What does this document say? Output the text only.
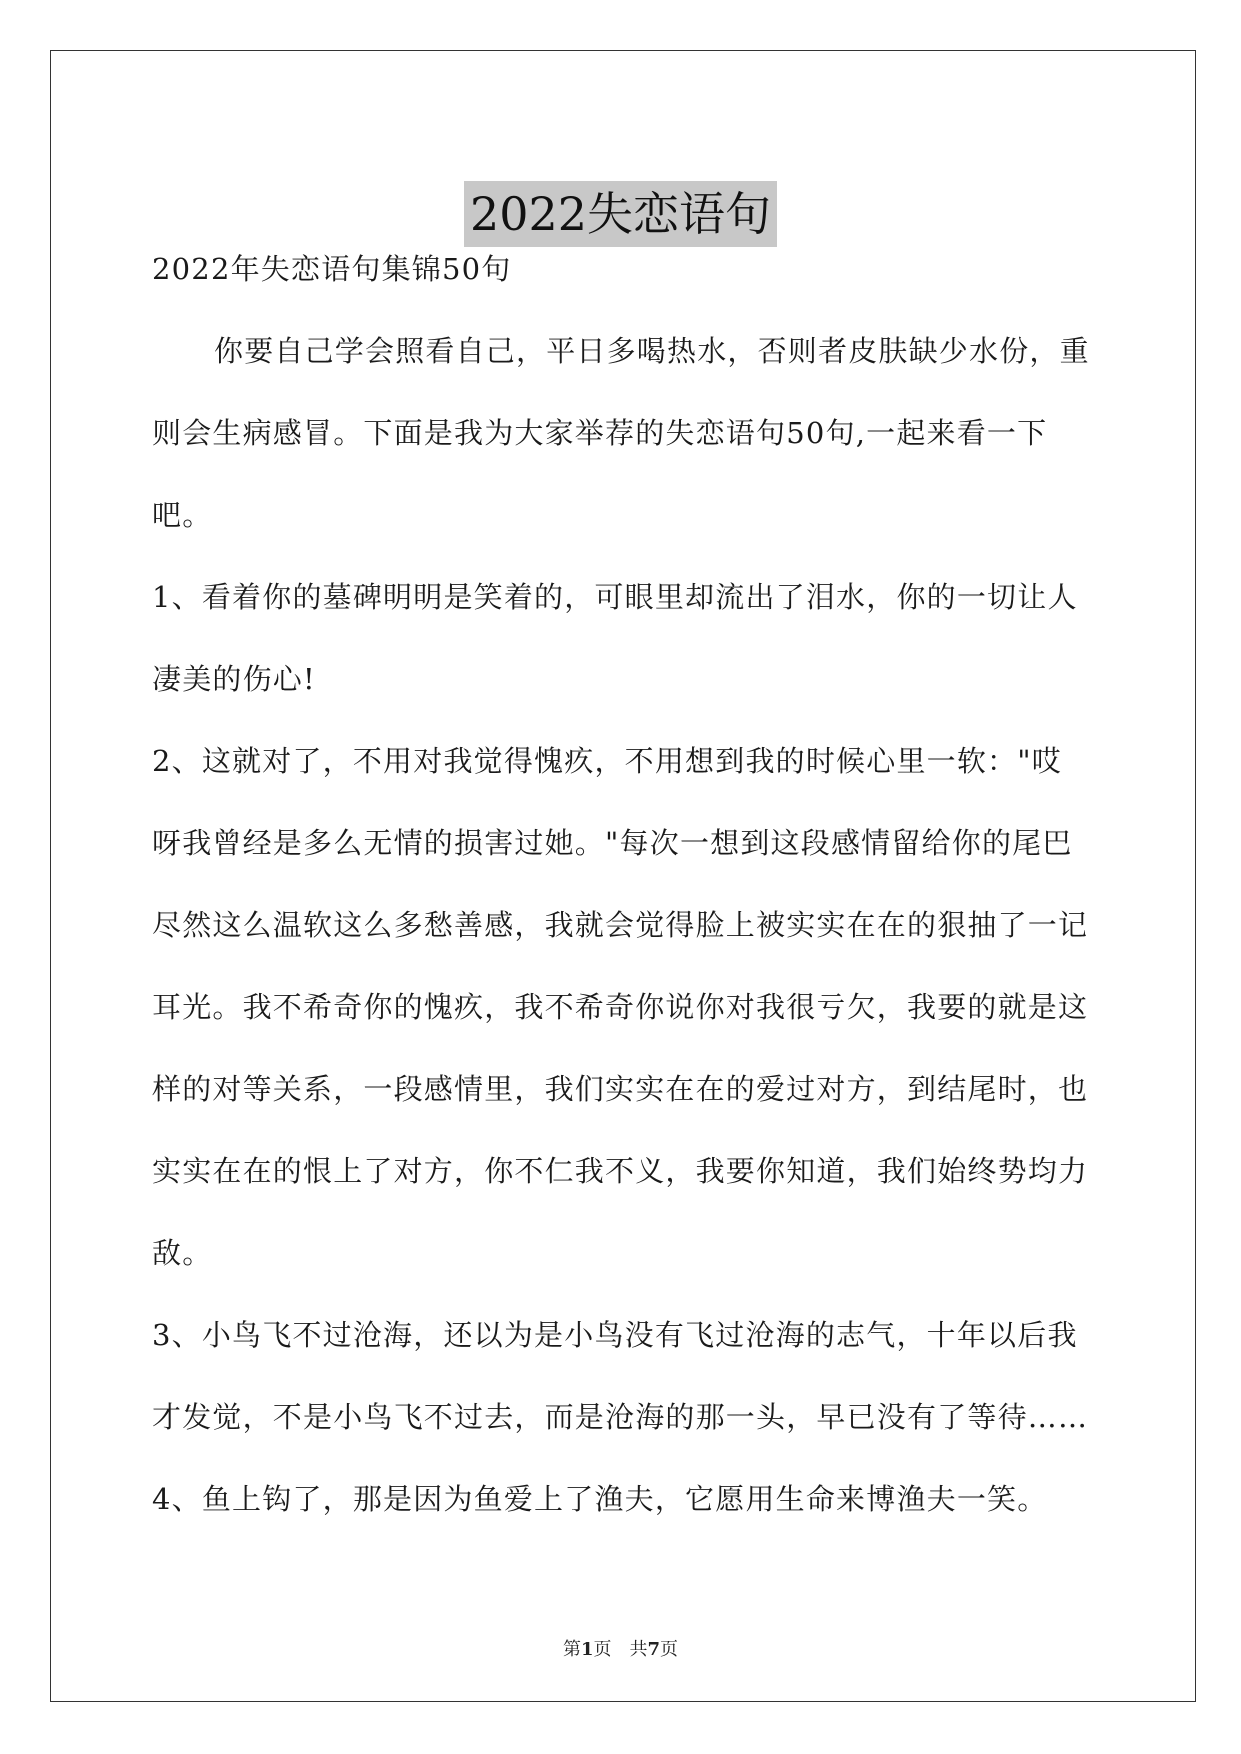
2022失恋语句

2022年失恋语句集锦50句

你要自己学会照看自己，平日多喝热水，否则者皮肤缺少水份，重则会生病感冒。下面是我为大家举荐的失恋语句50句,一起来看一下吧。

1、看着你的墓碑明明是笑着的，可眼里却流出了泪水，你的一切让人凄美的伤心!

2、这就对了，不用对我觉得愧疚，不用想到我的时候心里一软："哎呀我曾经是多么无情的损害过她。"每次一想到这段感情留给你的尾巴尽然这么温软这么多愁善感，我就会觉得脸上被实实在在的狠抽了一记耳光。我不希奇你的愧疚，我不希奇你说你对我很亏欠，我要的就是这样的对等关系，一段感情里，我们实实在在的爱过对方，到结尾时，也实实在在的恨上了对方，你不仁我不义，我要你知道，我们始终势均力敌。

3、小鸟飞不过沧海，还以为是小鸟没有飞过沧海的志气，十年以后我才发觉，不是小鸟飞不过去，而是沧海的那一头，早已没有了等待……

4、鱼上钩了，那是因为鱼爱上了渔夫，它愿用生命来博渔夫一笑。

第1页　共7页
